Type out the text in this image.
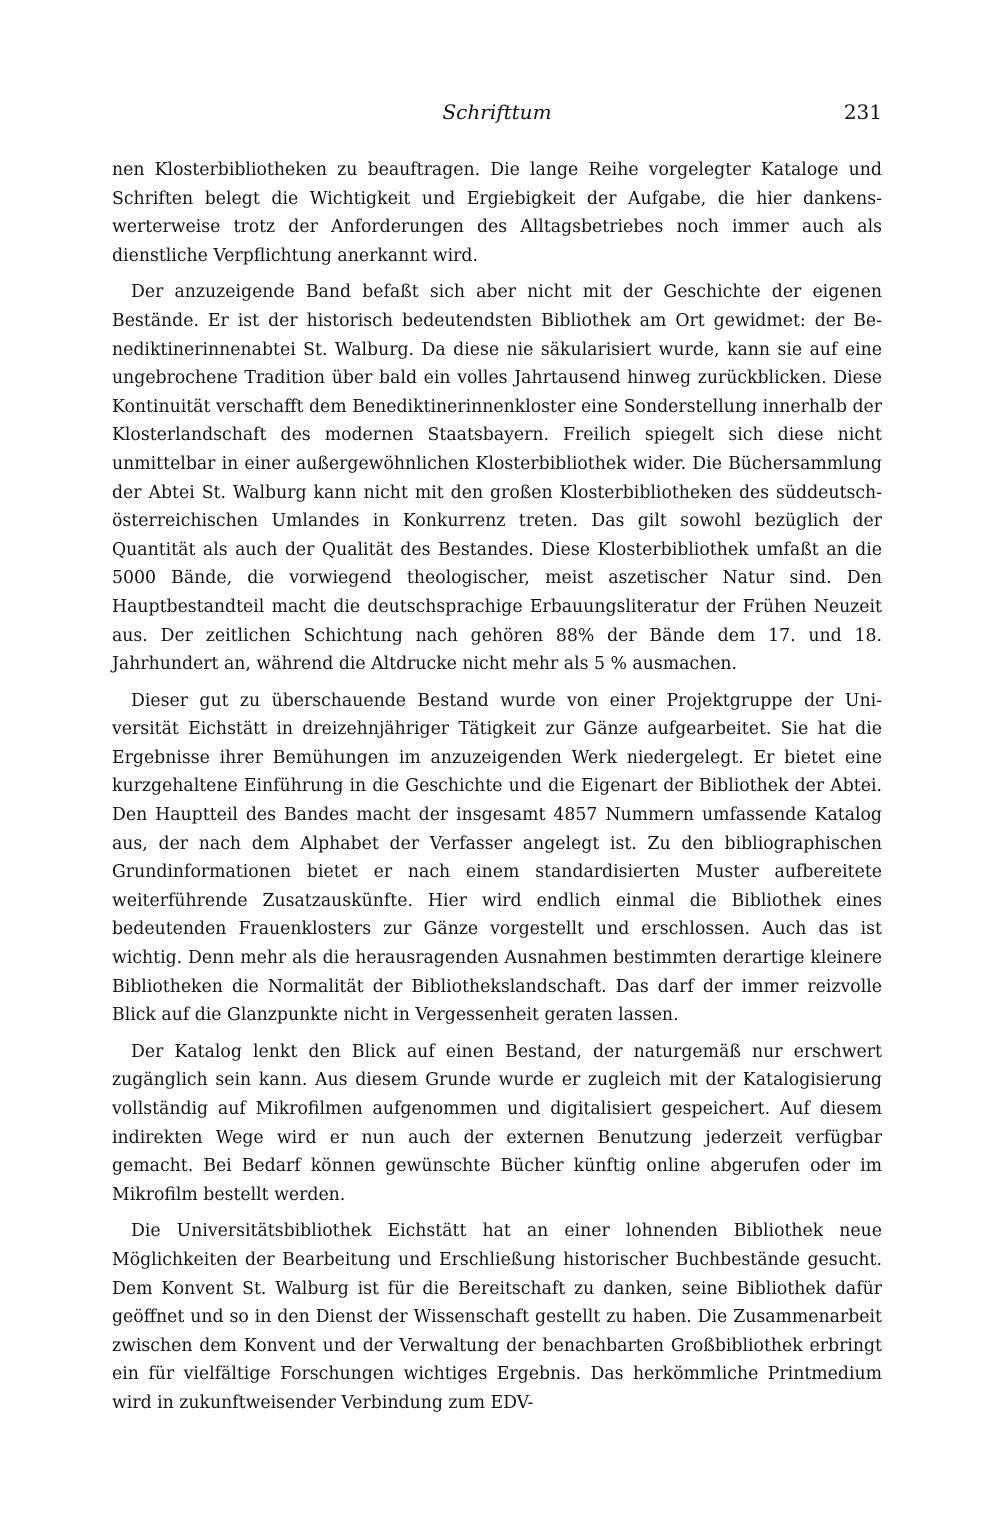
Schrifttum	231

nen Klosterbibliotheken zu beauftragen. Die lange Reihe vorgelegter Kataloge und Schriften belegt die Wichtigkeit und Ergiebigkeit der Aufgabe, die hier dankenswerterweise trotz der Anforderungen des Alltagsbetriebes noch immer auch als dienstliche Verpflichtung anerkannt wird.

Der anzuzeigende Band befaßt sich aber nicht mit der Geschichte der eigenen Bestände. Er ist der historisch bedeutendsten Bibliothek am Ort gewidmet: der Benediktinerinnenabtei St. Walburg. Da diese nie säkularisiert wurde, kann sie auf eine ungebrochene Tradition über bald ein volles Jahrtausend hinweg zurückblicken. Diese Kontinuität verschafft dem Benediktinerinnenkloster eine Sonderstellung innerhalb der Klosterlandschaft des modernen Staatsbayern. Freilich spiegelt sich diese nicht unmittelbar in einer außergewöhnlichen Klosterbibliothek wider. Die Büchersammlung der Abtei St. Walburg kann nicht mit den großen Klosterbibliotheken des süddeutsch-österreichischen Umlandes in Konkurrenz treten. Das gilt sowohl bezüglich der Quantität als auch der Qualität des Bestandes. Diese Klosterbibliothek umfaßt an die 5000 Bände, die vorwiegend theologischer, meist aszetischer Natur sind. Den Hauptbestandteil macht die deutschsprachige Erbauungsliteratur der Frühen Neuzeit aus. Der zeitlichen Schichtung nach gehören 88% der Bände dem 17. und 18. Jahrhundert an, während die Altdrucke nicht mehr als 5 % ausmachen.

Dieser gut zu überschauende Bestand wurde von einer Projektgruppe der Universität Eichstätt in dreizehnjähriger Tätigkeit zur Gänze aufgearbeitet. Sie hat die Ergebnisse ihrer Bemühungen im anzuzeigenden Werk niedergelegt. Er bietet eine kurzgehaltene Einführung in die Geschichte und die Eigenart der Bibliothek der Abtei. Den Hauptteil des Bandes macht der insgesamt 4857 Nummern umfassende Katalog aus, der nach dem Alphabet der Verfasser angelegt ist. Zu den bibliographischen Grundinformationen bietet er nach einem standardisierten Muster aufbereitete weiterführende Zusatzauskünfte. Hier wird endlich einmal die Bibliothek eines bedeutenden Frauenklosters zur Gänze vorgestellt und erschlossen. Auch das ist wichtig. Denn mehr als die herausragenden Ausnahmen bestimmten derartige kleinere Bibliotheken die Normalität der Bibliothekslandschaft. Das darf der immer reizvolle Blick auf die Glanzpunkte nicht in Vergessenheit geraten lassen.

Der Katalog lenkt den Blick auf einen Bestand, der naturgemäß nur erschwert zugänglich sein kann. Aus diesem Grunde wurde er zugleich mit der Katalogisierung vollständig auf Mikrofilmen aufgenommen und digitalisiert gespeichert. Auf diesem indirekten Wege wird er nun auch der externen Benutzung jederzeit verfügbar gemacht. Bei Bedarf können gewünschte Bücher künftig online abgerufen oder im Mikrofilm bestellt werden.

Die Universitätsbibliothek Eichstätt hat an einer lohnenden Bibliothek neue Möglichkeiten der Bearbeitung und Erschließung historischer Buchbestände gesucht. Dem Konvent St. Walburg ist für die Bereitschaft zu danken, seine Bibliothek dafür geöffnet und so in den Dienst der Wissenschaft gestellt zu haben. Die Zusammenarbeit zwischen dem Konvent und der Verwaltung der benachbarten Großbibliothek erbringt ein für vielfältige Forschungen wichtiges Ergebnis. Das herkömmliche Printmedium wird in zukunftweisender Verbindung zum EDV-
